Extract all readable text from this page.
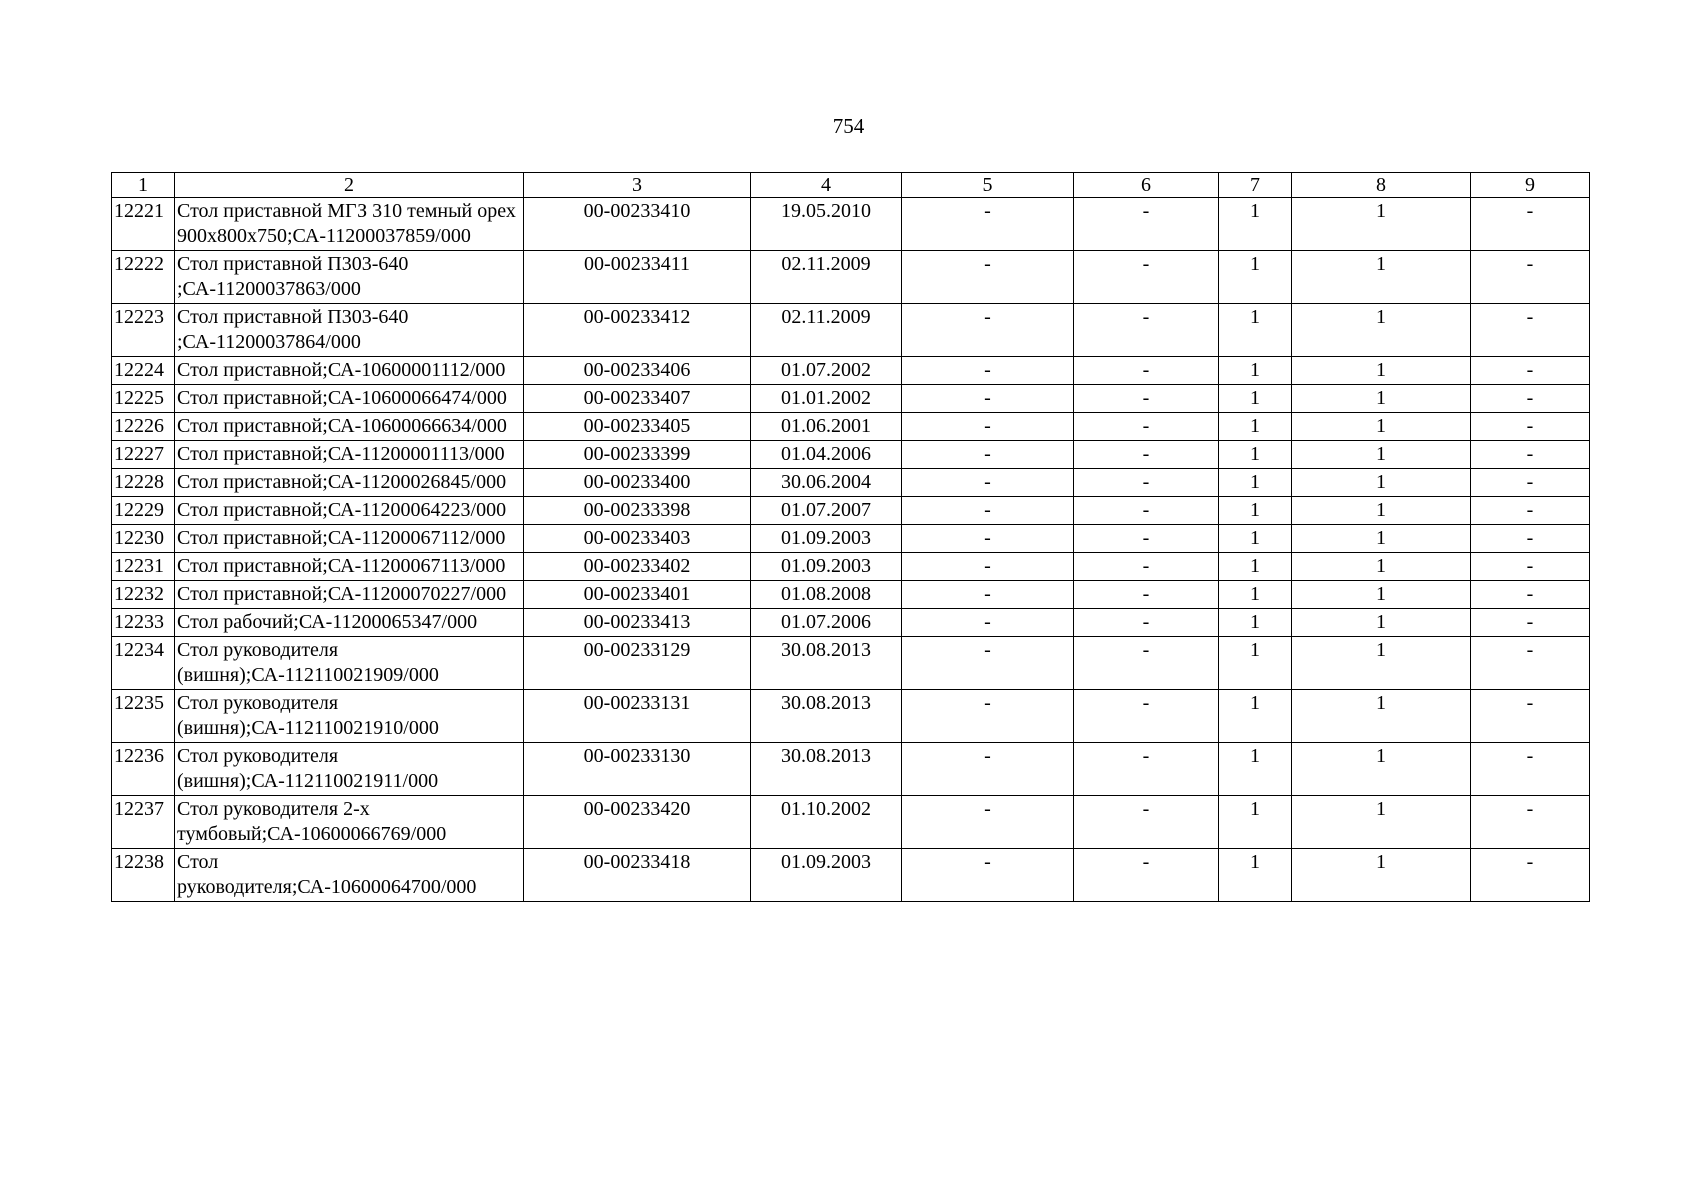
754
1	2	3	4	5	6	7	8	9
12221	Стол приставной МГЗ 310 темный орех 900х800х750;СА-11200037859/000	00-00233410	19.05.2010	-	-	1	1	-
12222	Стол приставной П303-640 ;СА-11200037863/000	00-00233411	02.11.2009	-	-	1	1	-
12223	Стол приставной П303-640 ;СА-11200037864/000	00-00233412	02.11.2009	-	-	1	1	-
12224	Стол приставной;СА-10600001112/000	00-00233406	01.07.2002	-	-	1	1	-
12225	Стол приставной;СА-10600066474/000	00-00233407	01.01.2002	-	-	1	1	-
12226	Стол приставной;СА-10600066634/000	00-00233405	01.06.2001	-	-	1	1	-
12227	Стол приставной;СА-11200001113/000	00-00233399	01.04.2006	-	-	1	1	-
12228	Стол приставной;СА-11200026845/000	00-00233400	30.06.2004	-	-	1	1	-
12229	Стол приставной;СА-11200064223/000	00-00233398	01.07.2007	-	-	1	1	-
12230	Стол приставной;СА-11200067112/000	00-00233403	01.09.2003	-	-	1	1	-
12231	Стол приставной;СА-11200067113/000	00-00233402	01.09.2003	-	-	1	1	-
12232	Стол приставной;СА-11200070227/000	00-00233401	01.08.2008	-	-	1	1	-
12233	Стол рабочий;СА-11200065347/000	00-00233413	01.07.2006	-	-	1	1	-
12234	Стол руководителя (вишня);СА-112110021909/000	00-00233129	30.08.2013	-	-	1	1	-
12235	Стол руководителя (вишня);СА-112110021910/000	00-00233131	30.08.2013	-	-	1	1	-
12236	Стол руководителя (вишня);СА-112110021911/000	00-00233130	30.08.2013	-	-	1	1	-
12237	Стол руководителя 2-х тумбовый;СА-10600066769/000	00-00233420	01.10.2002	-	-	1	1	-
12238	Стол руководителя;СА-10600064700/000	00-00233418	01.09.2003	-	-	1	1	-
